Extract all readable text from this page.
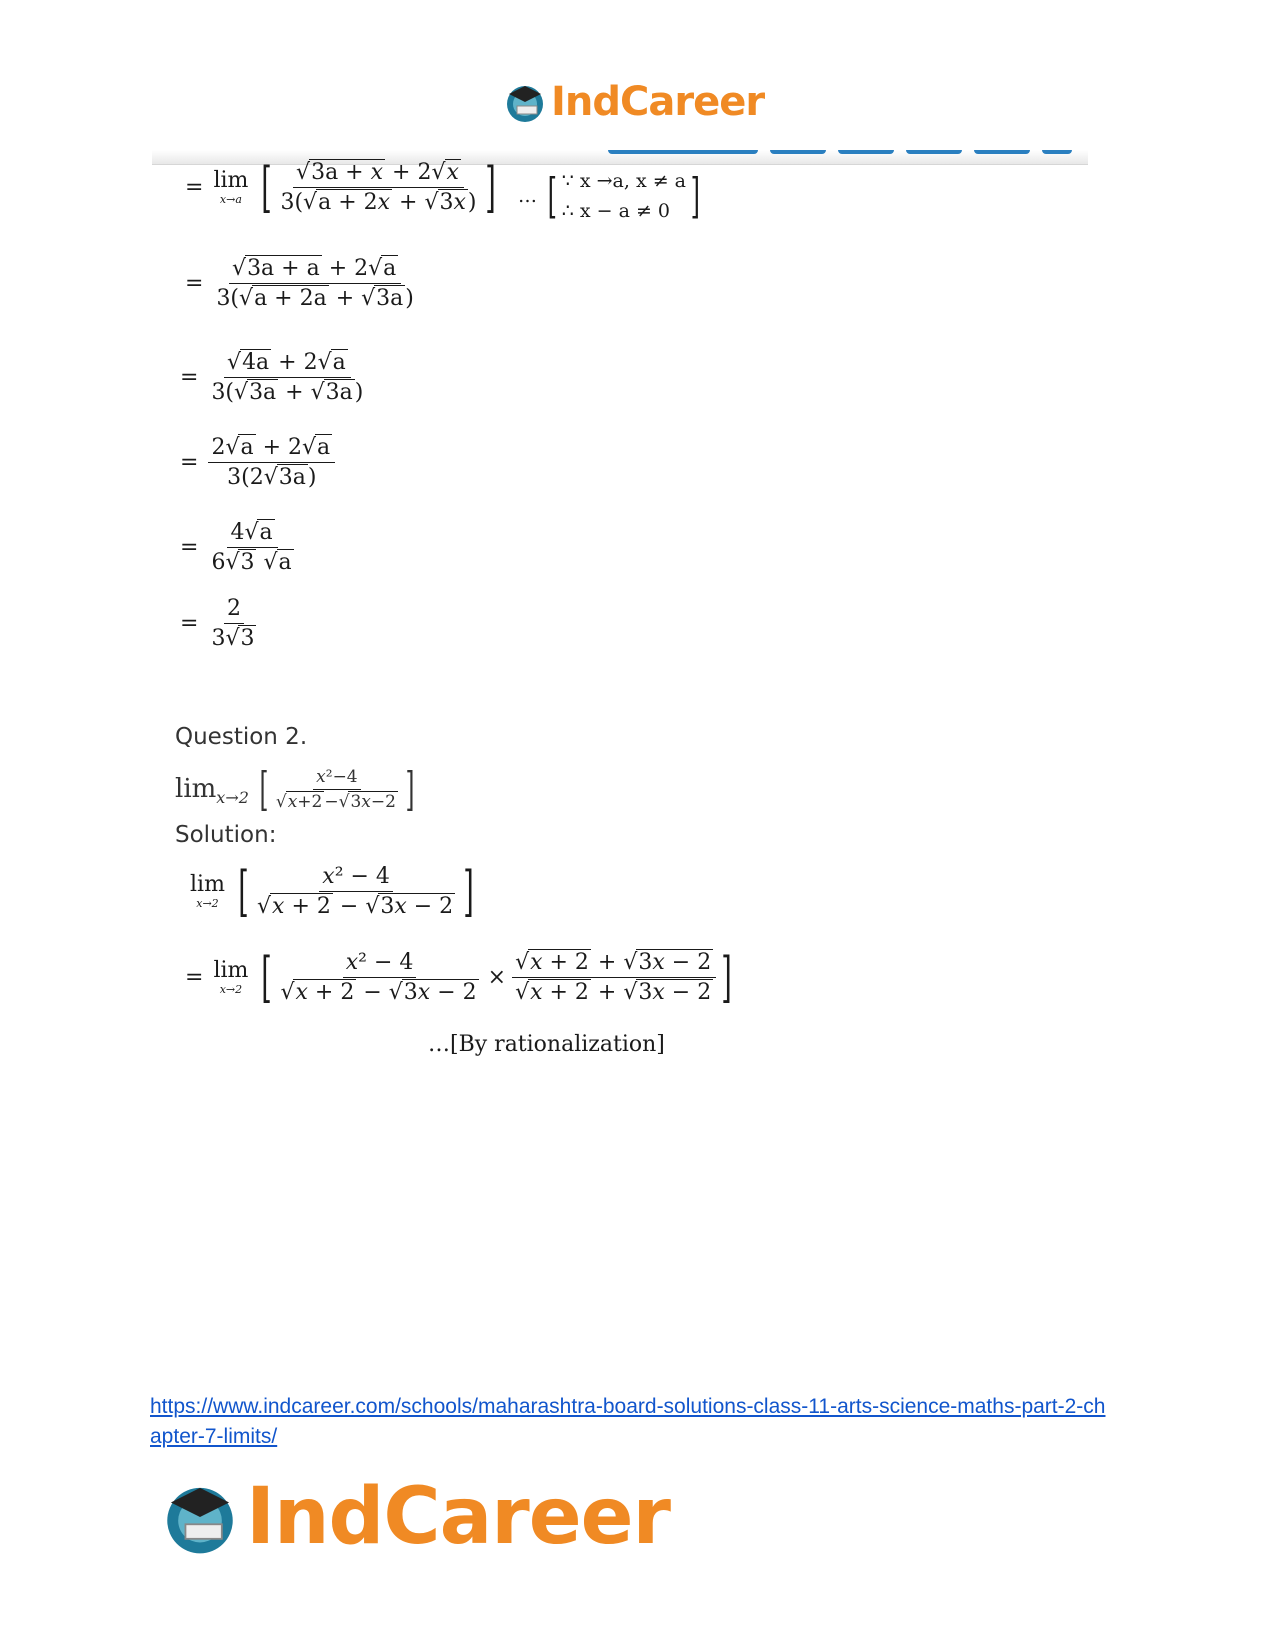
IndCareer
= lim
x→a [ $\frac{√3a + x + 2√x}{3(√a + 2x + √3x)}$ ] … [ ∵ x →a, x ≠ a
∴ x − a ≠ 0 ]
= $\frac{√3a + a + 2√a}{3(√a + 2a + √3a)}$
= $\frac{√4a + 2√a}{3(√3a + √3a)}$
= $\frac{2√a + 2√a}{3(2√3a)}$
= $\frac{4√a}{6√3 √a}$
= $\frac{2}{3√3}$
Question 2.
lim x→2 [ $\frac{\text{x²−4}}{√x+2 -√3x-2}$ ]
Solution:
lim
x→2 [ $\frac{\text{x² − 4}}{√x + 2 - √3x - 2}$ ]
= lim
x→2 [ $\frac{\text{x² − 4}}{√x + 2 - √3x - 2} \times \frac{√x + 2 + √3x - 2}{√x + 2 + √3x - 2}$ ]
…[By rationalization]
https://www.indcareer.com/schools/maharashtra-board-solutions-class-11-arts-science-maths-part-2-chapter-7-limits/
IndCareer
